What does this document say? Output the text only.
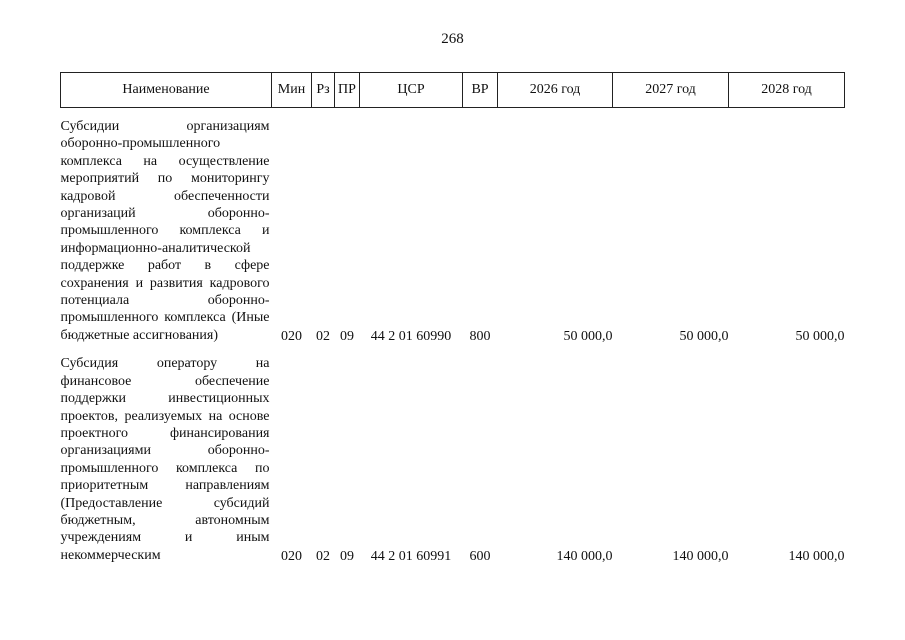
268
Наименование	Мин	Рз	ПР	ЦСР	ВР	2026 год	2027 год	2028 год
Субсидии организациям оборонно-промышленного комплекса на осуществление мероприятий по мониторингу кадровой обеспеченности организаций оборонно-промышленного комплекса и информационно-аналитической поддержке работ в сфере сохранения и развития кадрового потенциала оборонно-промышленного комплекса (Иные бюджетные ассигнования)	020	02	09	44 2 01 60990	800	50 000,0	50 000,0	50 000,0

Субсидия оператору на финансовое обеспечение поддержки инвестиционных проектов, реализуемых на основе проектного финансирования организациями оборонно-промышленного комплекса по приоритетным направлениям (Предоставление субсидий бюджетным, автономным учреждениям и иным некоммерческим	020	02	09	44 2 01 60991	600	140 000,0	140 000,0	140 000,0
